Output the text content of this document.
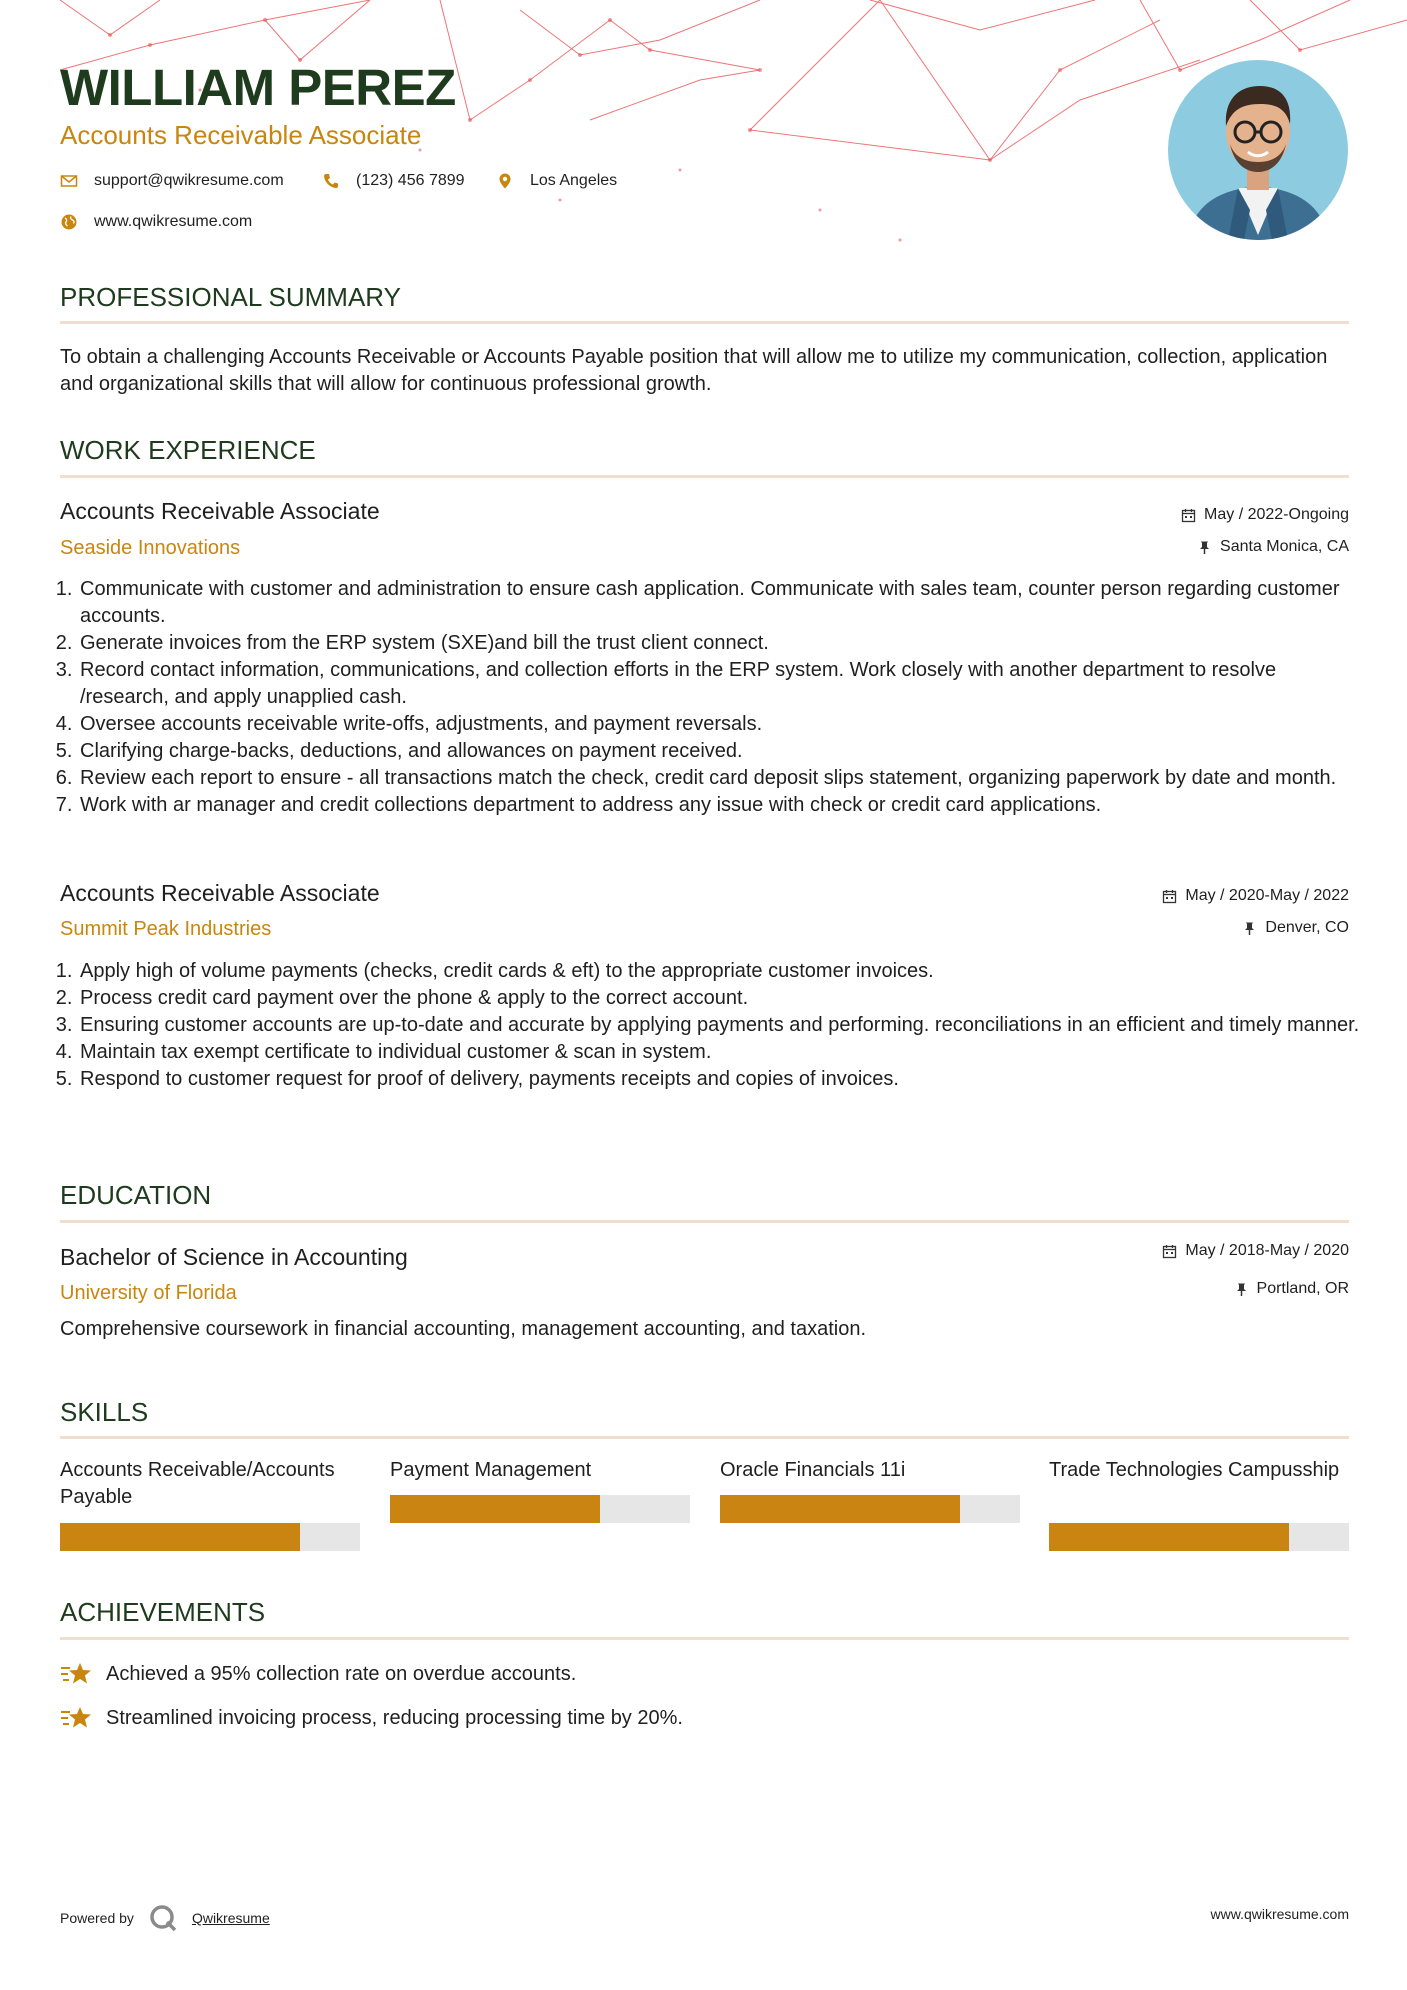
WILLIAM PEREZ
Accounts Receivable Associate
support@qwikresume.com	(123) 456 7899	Los Angeles
www.qwikresume.com
PROFESSIONAL SUMMARY
To obtain a challenging Accounts Receivable or Accounts Payable position that will allow me to utilize my communication, collection, application and organizational skills that will allow for continuous professional growth.
WORK EXPERIENCE
Accounts Receivable Associate
Seaside Innovations
May / 2022-Ongoing
Santa Monica, CA
1. Communicate with customer and administration to ensure cash application. Communicate with sales team, counter person regarding customer accounts.
2. Generate invoices from the ERP system (SXE)and bill the trust client connect.
3. Record contact information, communications, and collection efforts in the ERP system. Work closely with another department to resolve /research, and apply unapplied cash.
4. Oversee accounts receivable write-offs, adjustments, and payment reversals.
5. Clarifying charge-backs, deductions, and allowances on payment received.
6. Review each report to ensure - all transactions match the check, credit card deposit slips statement, organizing paperwork by date and month.
7. Work with ar manager and credit collections department to address any issue with check or credit card applications.
Accounts Receivable Associate
Summit Peak Industries
May / 2020-May / 2022
Denver, CO
1. Apply high of volume payments (checks, credit cards & eft) to the appropriate customer invoices.
2. Process credit card payment over the phone & apply to the correct account.
3. Ensuring customer accounts are up-to-date and accurate by applying payments and performing. reconciliations in an efficient and timely manner.
4. Maintain tax exempt certificate to individual customer & scan in system.
5. Respond to customer request for proof of delivery, payments receipts and copies of invoices.
EDUCATION
Bachelor of Science in Accounting
University of Florida
May / 2018-May / 2020
Portland, OR
Comprehensive coursework in financial accounting, management accounting, and taxation.
SKILLS
Accounts Receivable/Accounts Payable
Payment Management	Oracle Financials 11i	Trade Technologies Campusship
ACHIEVEMENTS
Achieved a 95% collection rate on overdue accounts.
Streamlined invoicing process, reducing processing time by 20%.
Powered by	Qwikresume	www.qwikresume.com
